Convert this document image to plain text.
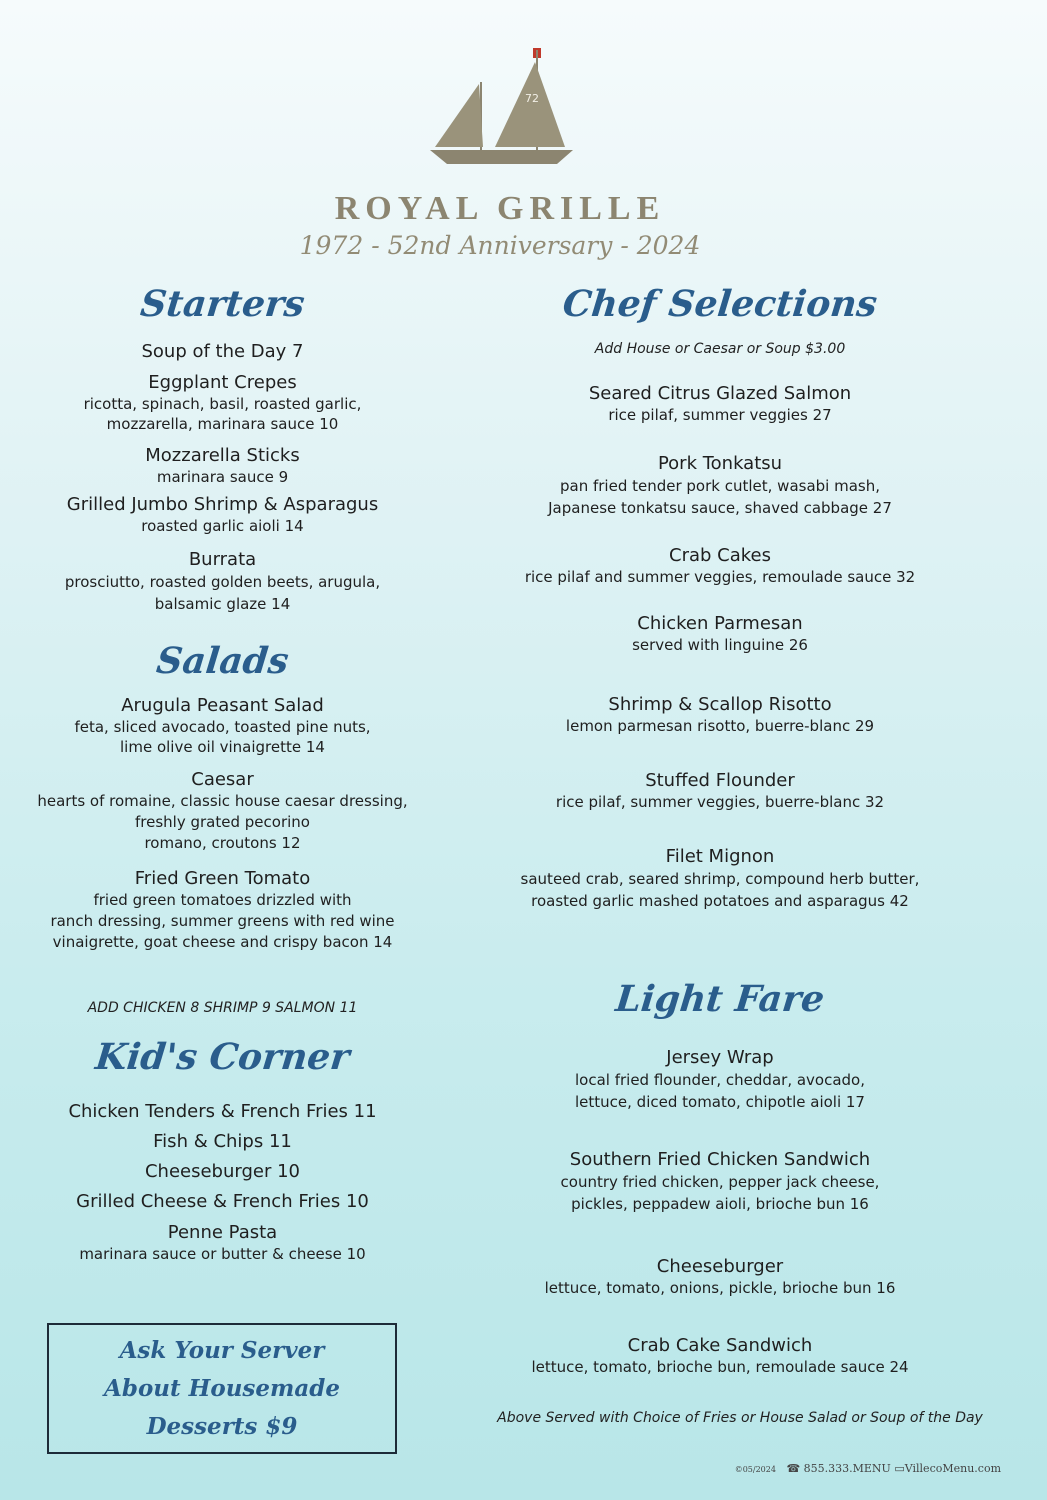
72
ROYAL GRILLE
1972 - 52nd Anniversary - 2024
Starters
Soup of the Day 7
Eggplant Crepes
ricotta, spinach, basil, roasted garlic,
mozzarella, marinara sauce 10
Mozzarella Sticks
marinara sauce 9
Grilled Jumbo Shrimp & Asparagus
roasted garlic aioli 14
Burrata
prosciutto, roasted golden beets, arugula,
balsamic glaze 14
Salads
Arugula Peasant Salad
feta, sliced avocado, toasted pine nuts,
lime olive oil vinaigrette 14
Caesar
hearts of romaine, classic house caesar dressing,
freshly grated pecorino
romano, croutons 12
Fried Green Tomato
fried green tomatoes drizzled with
ranch dressing, summer greens with red wine
vinaigrette, goat cheese and crispy bacon 14
ADD CHICKEN 8 SHRIMP 9 SALMON 11
Kid's Corner
Chicken Tenders & French Fries 11
Fish & Chips 11
Cheeseburger 10
Grilled Cheese & French Fries 10
Penne Pasta
marinara sauce or butter & cheese 10
Ask Your Server
About Housemade
Desserts $9
Chef Selections
Add House or Caesar or Soup $3.00
Seared Citrus Glazed Salmon
rice pilaf, summer veggies 27
Pork Tonkatsu
pan fried tender pork cutlet, wasabi mash,
Japanese tonkatsu sauce, shaved cabbage 27
Crab Cakes
rice pilaf and summer veggies, remoulade sauce 32
Chicken Parmesan
served with linguine 26
Shrimp & Scallop Risotto
lemon parmesan risotto, buerre-blanc 29
Stuffed Flounder
rice pilaf, summer veggies, buerre-blanc 32
Filet Mignon
sauteed crab, seared shrimp, compound herb butter,
roasted garlic mashed potatoes and asparagus 42
Light Fare
Jersey Wrap
local fried flounder, cheddar, avocado,
lettuce, diced tomato, chipotle aioli 17
Southern Fried Chicken Sandwich
country fried chicken, pepper jack cheese,
pickles, peppadew aioli, brioche bun 16
Cheeseburger
lettuce, tomato, onions, pickle, brioche bun 16
Crab Cake Sandwich
lettuce, tomato, brioche bun, remoulade sauce 24
Above Served with Choice of Fries or House Salad or Soup of the Day
©05/2024 ☎ 855.333.MENU ▭VillecoMenu.com
